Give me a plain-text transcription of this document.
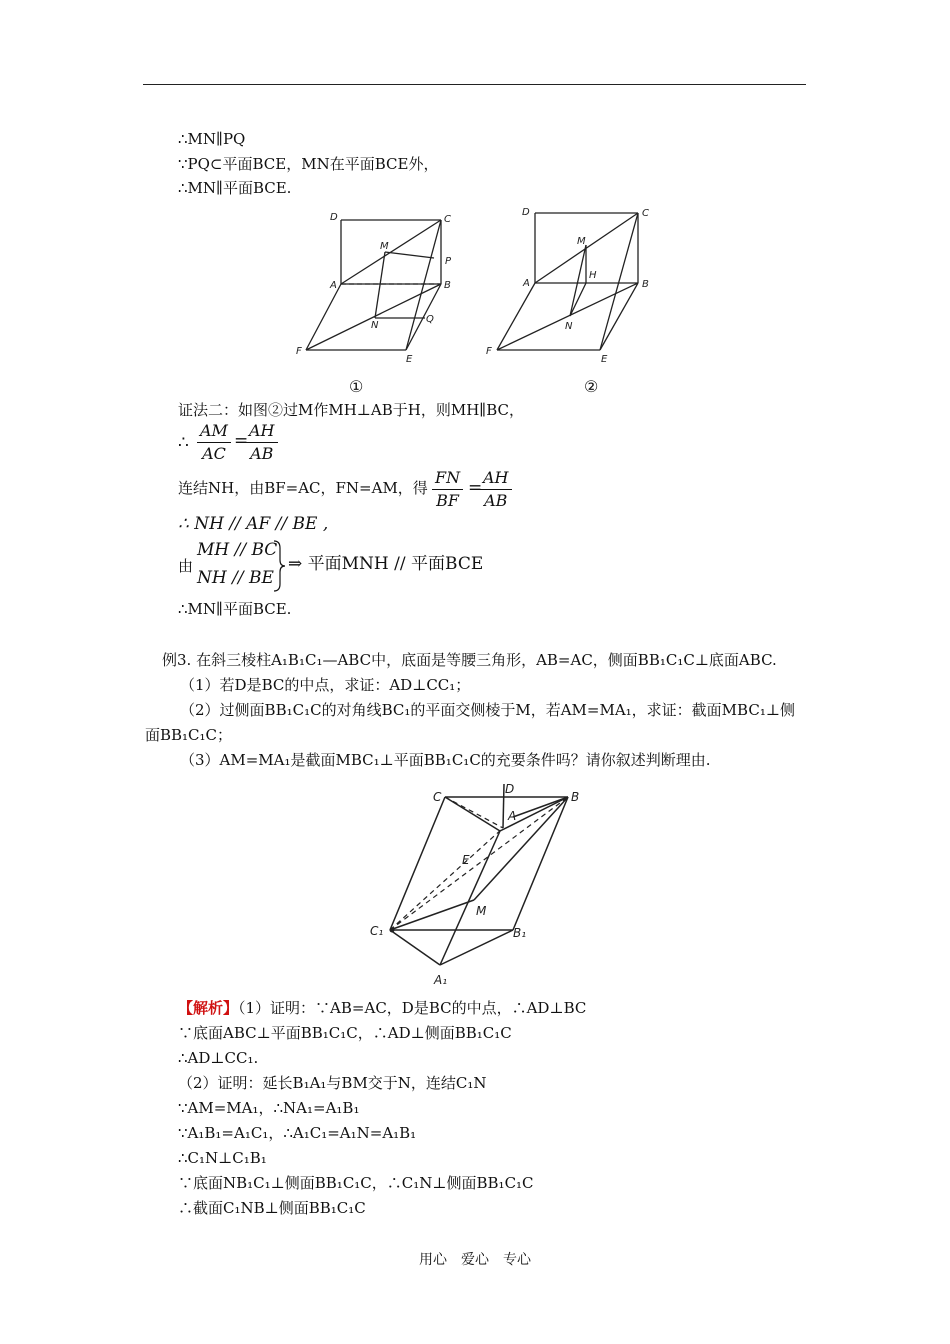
∴MN∥PQ
∵PQ⊂平面BCE，MN在平面BCE外，
∴MN∥平面BCE.
D	C
M
P
A	B
N
Q
F
E
D	C
M
H
A	B
N
F
E
①	②
证法二：如图②过M作MH⊥AB于H，则MH∥BC，
∴
AM
AC
=
AH
AB
连结NH，由BF=AC，FN=AM，得
FN
BF
=
AH
AB
∴ NH // AF // BE ,
由
MH // BC
NH // BE
⇒ 平面MNH // 平面BCE
∴MN∥平面BCE.
例3. 在斜三棱柱A₁B₁C₁—ABC中，底面是等腰三角形，AB=AC，侧面BB₁C₁C⊥底面ABC.
（1）若D是BC的中点，求证：AD⊥CC₁；
（2）过侧面BB₁C₁C的对角线BC₁的平面交侧棱于M，若AM=MA₁，求证：截面MBC₁⊥侧
面BB₁C₁C；
（3）AM=MA₁是截面MBC₁⊥平面BB₁C₁C的充要条件吗？请你叙述判断理由.
C
D
B
A
E
M
C₁	B₁
A₁
【解析】（1）证明：∵AB=AC，D是BC的中点，∴AD⊥BC
∵底面ABC⊥平面BB₁C₁C，∴AD⊥侧面BB₁C₁C
∴AD⊥CC₁.
（2）证明：延长B₁A₁与BM交于N，连结C₁N
∵AM=MA₁，∴NA₁=A₁B₁
∵A₁B₁=A₁C₁，∴A₁C₁=A₁N=A₁B₁
∴C₁N⊥C₁B₁
∵底面NB₁C₁⊥侧面BB₁C₁C，∴C₁N⊥侧面BB₁C₁C
∴截面C₁NB⊥侧面BB₁C₁C
用心　爱心　专心
